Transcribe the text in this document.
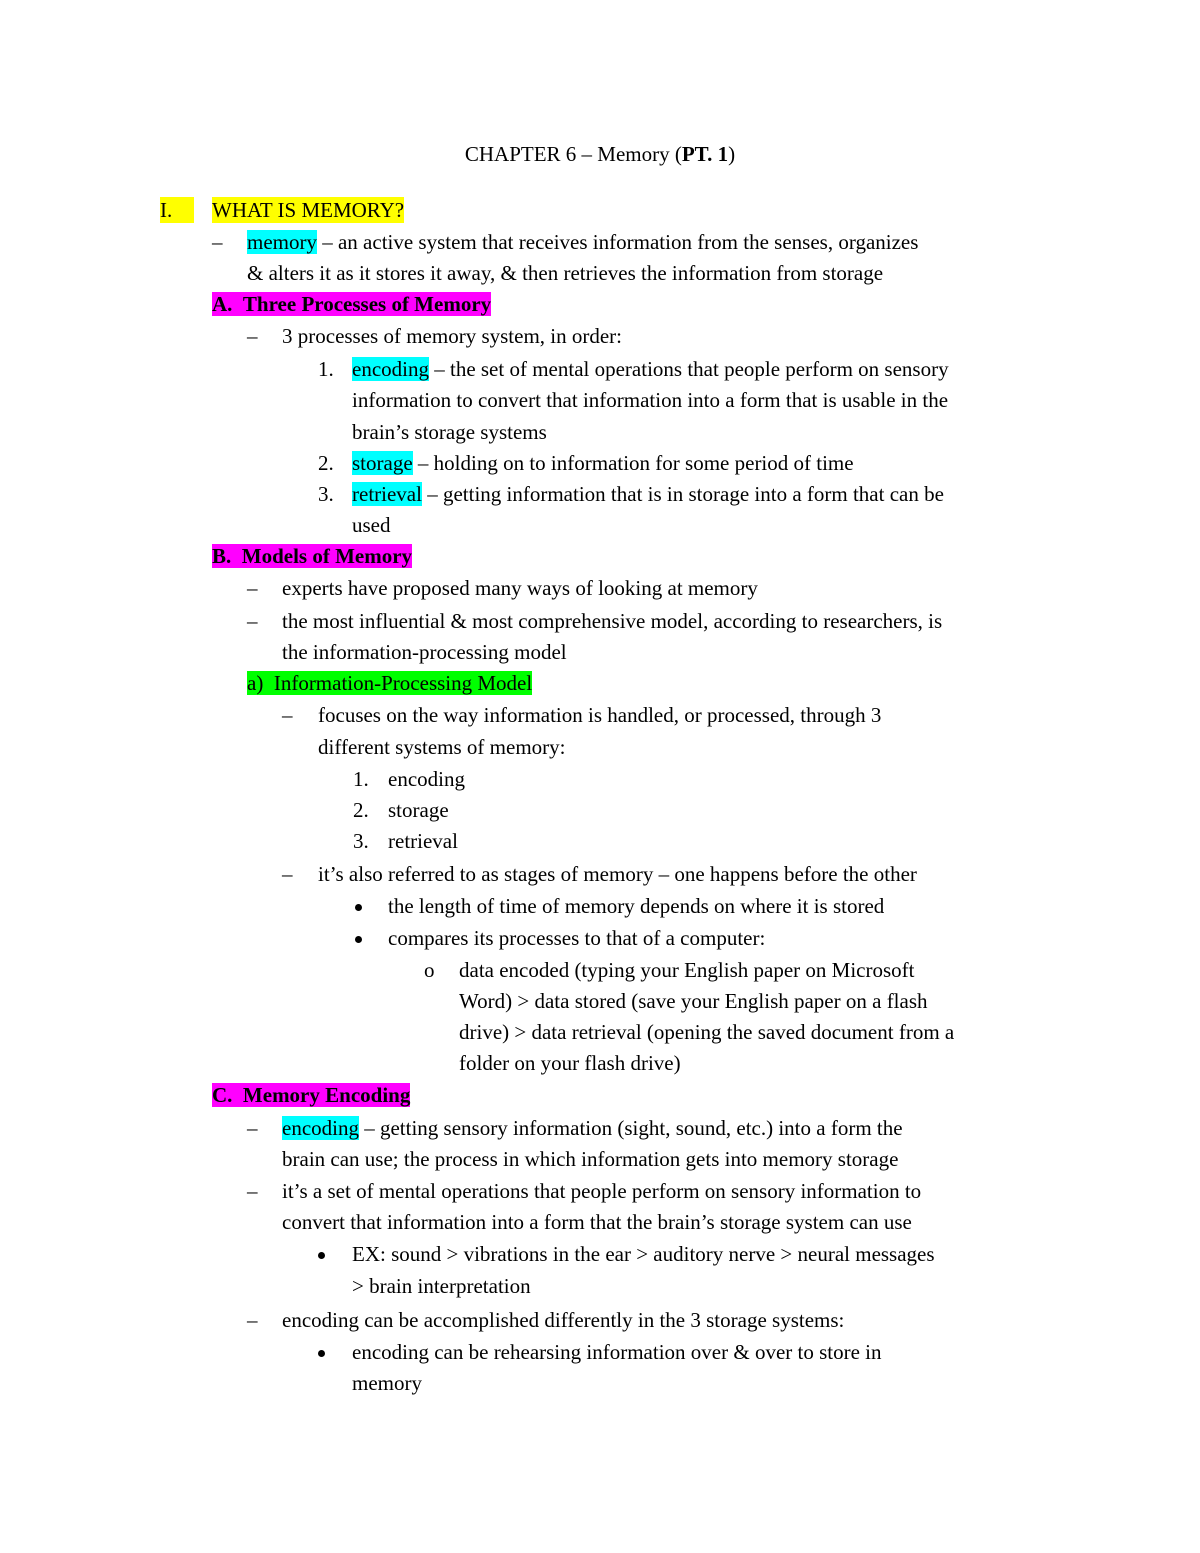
CHAPTER 6 – Memory (PT. 1)
I.	WHAT IS MEMORY?
– memory – an active system that receives information from the senses, organizes
& alters it as it stores it away, & then retrieves the information from storage
A. Three Processes of Memory
– 3 processes of memory system, in order:
1. encoding – the set of mental operations that people perform on sensory
information to convert that information into a form that is usable in the
brain’s storage systems
2. storage – holding on to information for some period of time
3. retrieval – getting information that is in storage into a form that can be
used
B. Models of Memory
– experts have proposed many ways of looking at memory
– the most influential & most comprehensive model, according to researchers, is
the information-processing model
a) Information-Processing Model
– focuses on the way information is handled, or processed, through 3
different systems of memory:
1. encoding
2. storage
3. retrieval
– it’s also referred to as stages of memory – one happens before the other
the length of time of memory depends on where it is stored
compares its processes to that of a computer:
o data encoded (typing your English paper on Microsoft
Word) > data stored (save your English paper on a flash
drive) > data retrieval (opening the saved document from a
folder on your flash drive)
C. Memory Encoding
– encoding – getting sensory information (sight, sound, etc.) into a form the
brain can use; the process in which information gets into memory storage
– it’s a set of mental operations that people perform on sensory information to
convert that information into a form that the brain’s storage system can use
EX: sound > vibrations in the ear > auditory nerve > neural messages
> brain interpretation
– encoding can be accomplished differently in the 3 storage systems:
encoding can be rehearsing information over & over to store in
memory
